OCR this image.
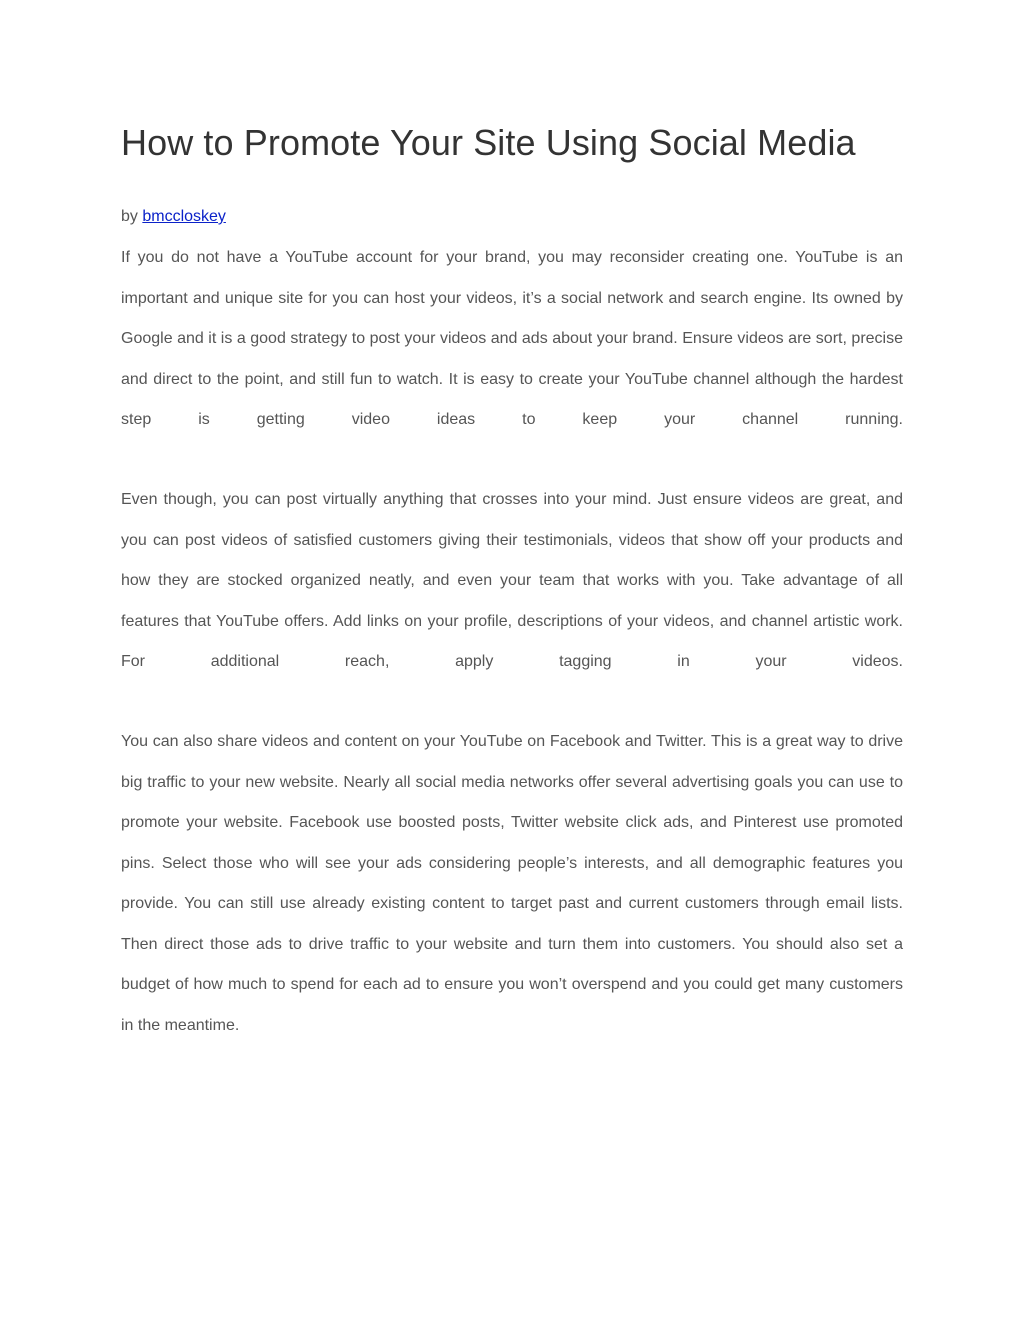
How to Promote Your Site Using Social Media
by bmccloskey

If you do not have a YouTube account for your brand, you may reconsider creating one. YouTube is an important and unique site for you can host your videos, it’s a social network and search engine. Its owned by Google and it is a good strategy to post your videos and ads about your brand. Ensure videos are sort, precise and direct to the point, and still fun to watch. It is easy to create your YouTube channel although the hardest step is getting video ideas to keep your channel running.

Even though, you can post virtually anything that crosses into your mind. Just ensure videos are great, and you can post videos of satisfied customers giving their testimonials, videos that show off your products and how they are stocked organized neatly, and even your team that works with you. Take advantage of all features that YouTube offers. Add links on your profile, descriptions of your videos, and channel artistic work. For additional reach, apply tagging in your videos.

You can also share videos and content on your YouTube on Facebook and Twitter. This is a great way to drive big traffic to your new website. Nearly all social media networks offer several advertising goals you can use to promote your website. Facebook use boosted posts, Twitter website click ads, and Pinterest use promoted pins. Select those who will see your ads considering people’s interests, and all demographic features you provide. You can still use already existing content to target past and current customers through email lists. Then direct those ads to drive traffic to your website and turn them into customers. You should also set a budget of how much to spend for each ad to ensure you won’t overspend and you could get many customers in the meantime.
